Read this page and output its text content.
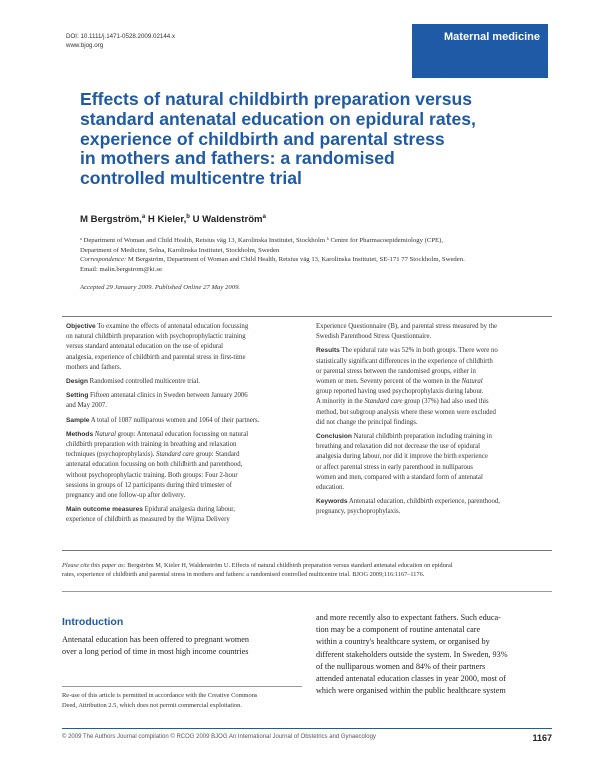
DOI: 10.1111/j.1471-0528.2009.02144.x
www.bjog.org
Maternal medicine
Effects of natural childbirth preparation versus
standard antenatal education on epidural rates,
experience of childbirth and parental stress
in mothers and fathers: a randomised
controlled multicentre trial
M Bergström,$^a$ H Kieler,$^b$ U Waldenström$^a$
ᵃ Department of Woman and Child Health, Retsius väg 13, Karolinska Institutet, Stockholm ᵇ Centre for Pharmacoepidemiology (CPE),
Department of Medicine, Solna, Karolinska Institutet, Stockholm, Sweden
Correspondence: M Bergström, Department of Woman and Child Health, Retsius väg 13, Karolinska Institutet, SE-171 77 Stockholm, Sweden.
Email: malin.bergstrom@ki.se
Accepted 29 January 2009. Published Online 27 May 2009.
Objective To examine the effects of antenatal education focussing
on natural childbirth preparation with psychoprophylactic training
versus standard antenatal education on the use of epidural
analgesia, experience of childbirth and parental stress in first-time
mothers and fathers.
Design Randomised controlled multicentre trial.
Setting Fifteen antenatal clinics in Sweden between January 2006
and May 2007.
Sample A total of 1087 nulliparous women and 1064 of their partners.
Methods Natural group: Antenatal education focussing on natural
childbirth preparation with training in breathing and relaxation
techniques (psychoprophylaxis). Standard care group: Standard
antenatal education focussing on both childbirth and parenthood,
without psychoprophylactic training. Both groups: Four 2-hour
sessions in groups of 12 participants during third trimester of
pregnancy and one follow-up after delivery.
Main outcome measures Epidural analgesia during labour,
experience of childbirth as measured by the Wijma Delivery
Experience Questionnaire (B), and parental stress measured by the
Swedish Parenthood Stress Questionnaire.
Results The epidural rate was 52% in both groups. There were no
statistically significant differences in the experience of childbirth
or parental stress between the randomised groups, either in
women or men. Seventy percent of the women in the Natural
group reported having used psychoprophylaxis during labour.
A minority in the Standard care group (37%) had also used this
method, but subgroup analysis where these women were excluded
did not change the principal findings.
Conclusion Natural childbirth preparation including training in
breathing and relaxation did not decrease the use of epidural
analgesia during labour, nor did it improve the birth experience
or affect parental stress in early parenthood in nulliparous
women and men, compared with a standard form of antenatal
education.
Keywords Antenatal education, childbirth experience, parenthood,
pregnancy, psychoprophylaxis.
Please cite this paper as: Bergström M, Kieler H, Waldenström U. Effects of natural childbirth preparation versus standard antenatal education on epidural
rates, experience of childbirth and parental stress in mothers and fathers: a randomised controlled multicentre trial. BJOG 2009;116:1167–1176.
Introduction
Antenatal education has been offered to pregnant women
over a long period of time in most high income countries
and more recently also to expectant fathers. Such educa-
tion may be a component of routine antenatal care
within a country's healthcare system, or organised by
different stakeholders outside the system. In Sweden, 93%
of the nulliparous women and 84% of their partners
attended antenatal education classes in year 2000, most of
which were organised within the public healthcare system
Re-use of this article is permitted in accordance with the Creative Commons
Deed, Attribution 2.5, which does not permit commercial exploitation.
© 2009 The Authors Journal compilation © RCOG 2009 BJOG An International Journal of Obstetrics and Gynaecology	1167
